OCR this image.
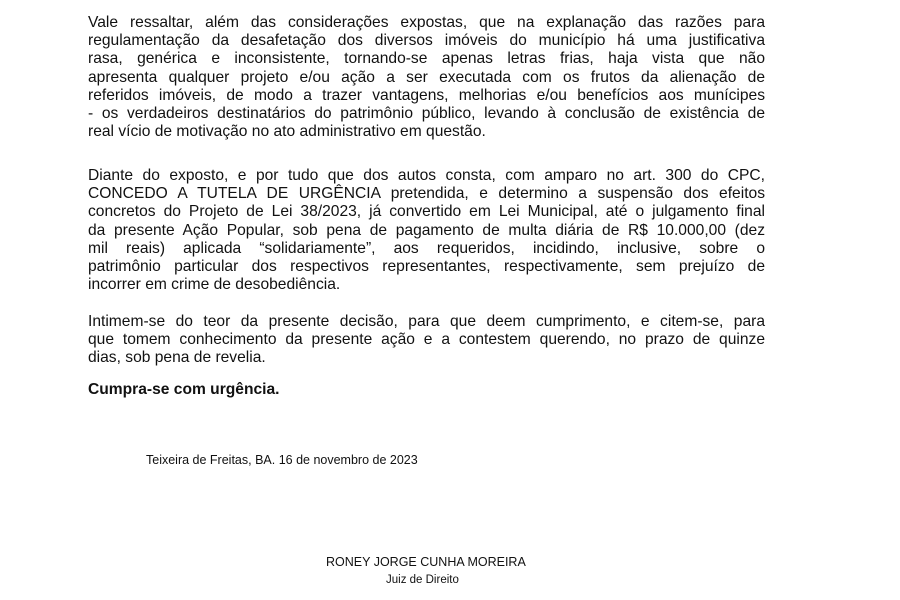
Vale ressaltar, além das considerações expostas, que na explanação das razões para
regulamentação da desafetação dos diversos imóveis do município há uma justificativa
rasa, genérica e inconsistente, tornando-se apenas letras frias, haja vista que não
apresenta qualquer projeto e/ou ação a ser executada com os frutos da alienação de
referidos imóveis, de modo a trazer vantagens, melhorias e/ou benefícios aos munícipes
- os verdadeiros destinatários do patrimônio público, levando à conclusão de existência de
real vício de motivação no ato administrativo em questão.
Diante do exposto, e por tudo que dos autos consta, com amparo no art. 300 do CPC,
CONCEDO A TUTELA DE URGÊNCIA pretendida, e determino a suspensão dos efeitos
concretos do Projeto de Lei 38/2023, já convertido em Lei Municipal, até o julgamento final
da presente Ação Popular, sob pena de pagamento de multa diária de R$ 10.000,00 (dez
mil reais) aplicada “solidariamente”, aos requeridos, incidindo, inclusive, sobre o
patrimônio particular dos respectivos representantes, respectivamente, sem prejuízo de
incorrer em crime de desobediência.
Intimem-se do teor da presente decisão, para que deem cumprimento, e citem-se, para
que tomem conhecimento da presente ação e a contestem querendo, no prazo de quinze
dias, sob pena de revelia.

Cumpra-se com urgência.

Teixeira de Freitas, BA. 16 de novembro de 2023

RONEY JORGE CUNHA MOREIRA

Juiz de Direito
